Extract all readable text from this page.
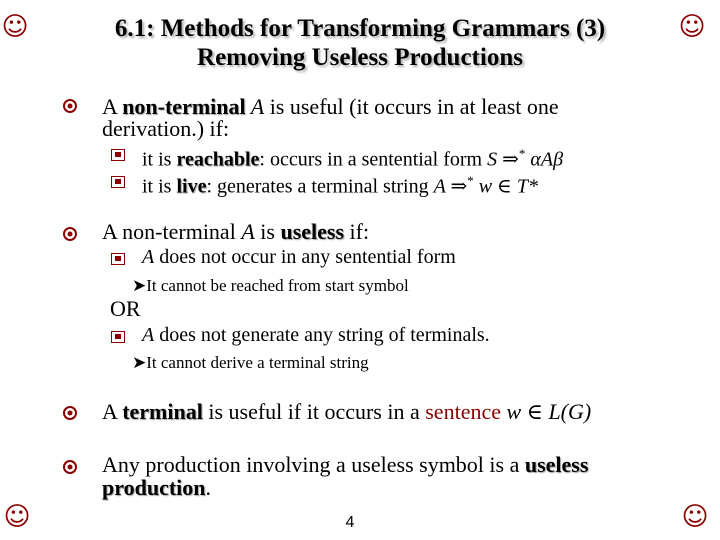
☺	☺
☺	☺
6.1: Methods for Transforming Grammars (3)
Removing Useless Productions
A non-terminal A is useful (it occurs in at least one
derivation.) if:
it is reachable: occurs in a sentential form S ⇒* αAβ
it is live: generates a terminal string A ⇒* w ∈ T*
A non-terminal A is useless if:
A does not occur in any sentential form
➤It cannot be reached from start symbol
OR
A does not generate any string of terminals.
➤It cannot derive a terminal string
A terminal is useful if it occurs in a sentence w ∈ L(G)
Any production involving a useless symbol is a useless
production.
4
